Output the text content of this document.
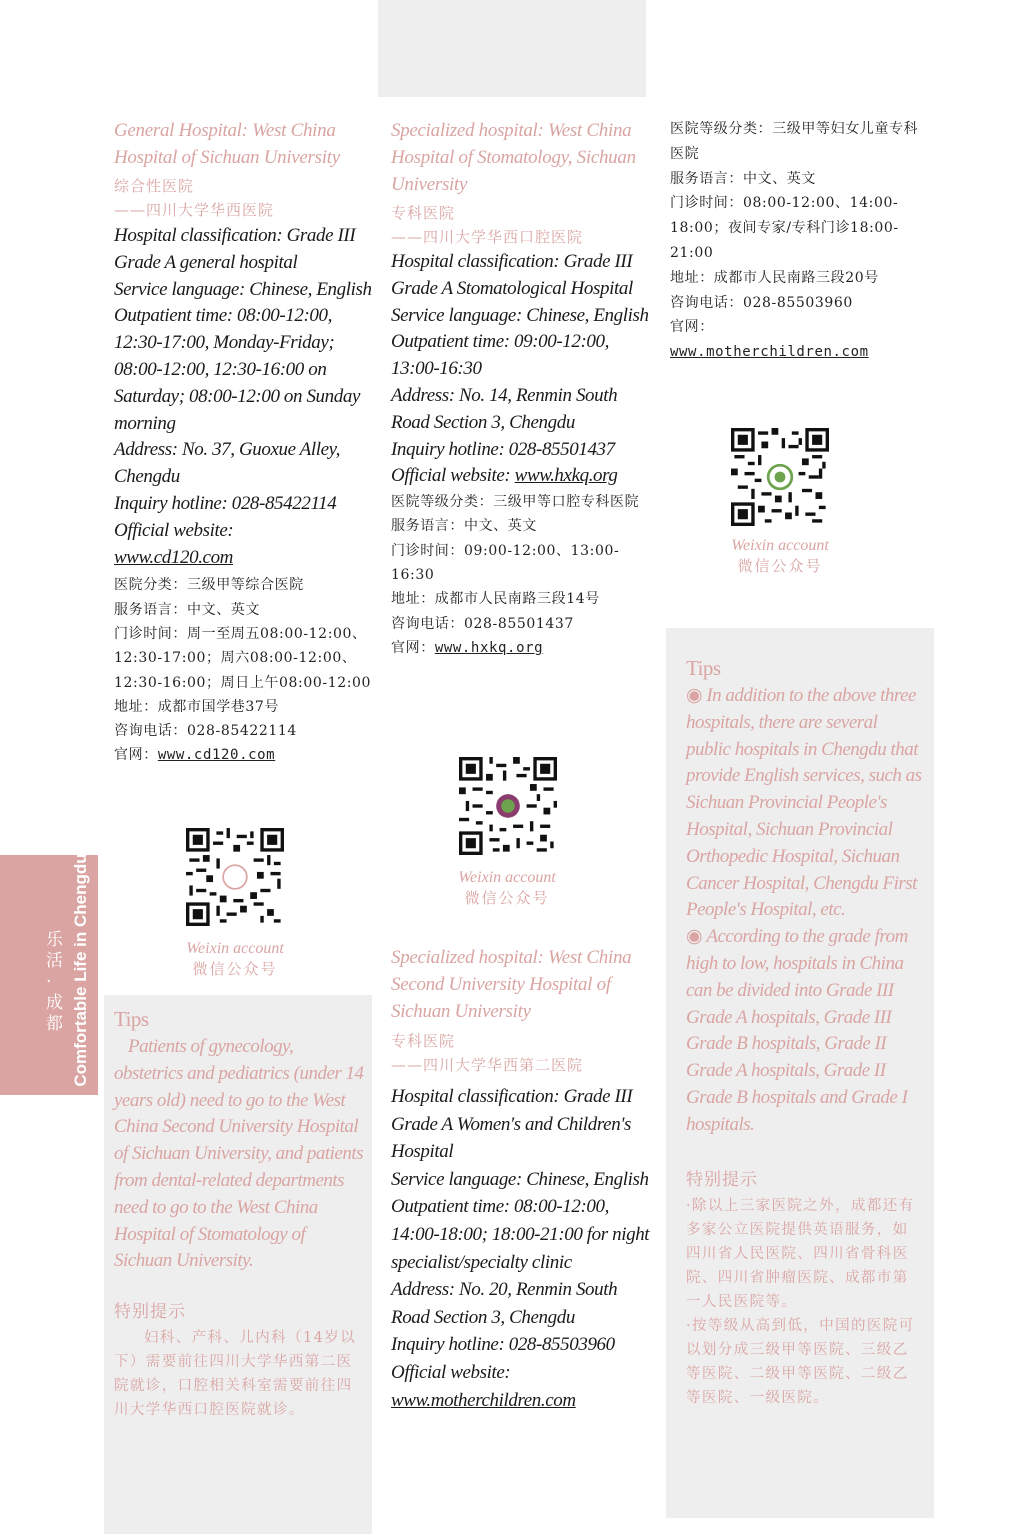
Comfortable Life in Chengdu
乐活·成都

General Hospital: West China Hospital of Sichuan University

综合性医院

——四川大学华西医院

Hospital classification: Grade III Grade A general hospital

Service language: Chinese, English

Outpatient time: 08:00-12:00, 12:30-17:00, Monday-Friday; 08:00-12:00, 12:30-16:00 on Saturday; 08:00-12:00 on Sunday morning

Address: No. 37, Guoxue Alley, Chengdu

Inquiry hotline: 028-85422114

Official website:

www.cd120.com

医院分类：三级甲等综合医院

服务语言：中文、英文

门诊时间：周一至周五08:00-12:00、12:30-17:00；周六08:00-12:00、12:30-16:00；周日上午08:00-12:00

地址：成都市国学巷37号

咨询电话：028-85422114

官网：www.cd120.com

Weixin account
微信公众号

Tips

Patients of gynecology, obstetrics and pediatrics (under 14 years old) need to go to the West China Second University Hospital of Sichuan University, and patients from dental-related departments need to go to the West China Hospital of Stomatology of Sichuan University.

特别提示

妇科、产科、儿内科（14岁以下）需要前往四川大学华西第二医院就诊，口腔相关科室需要前往四川大学华西口腔医院就诊。

Specialized hospital: West China Hospital of Stomatology, Sichuan University

专科医院

——四川大学华西口腔医院

Hospital classification: Grade III Grade A Stomatological Hospital

Service language: Chinese, English

Outpatient time: 09:00-12:00, 13:00-16:30

Address: No. 14, Renmin South Road Section 3, Chengdu

Inquiry hotline: 028-85501437

Official website: www.hxkq.org

医院等级分类：三级甲等口腔专科医院

服务语言：中文、英文

门诊时间：09:00-12:00、13:00-16:30

地址：成都市人民南路三段14号

咨询电话：028-85501437

官网：www.hxkq.org

Weixin account
微信公众号

Specialized hospital: West China Second University Hospital of Sichuan University

专科医院

——四川大学华西第二医院

Hospital classification: Grade III Grade A Women's and Children's Hospital

Service language: Chinese, English

Outpatient time: 08:00-12:00, 14:00-18:00; 18:00-21:00 for night specialist/specialty clinic

Address: No. 20, Renmin South Road Section 3, Chengdu

Inquiry hotline: 028-85503960

Official website: www.motherchildren.com

医院等级分类：三级甲等妇女儿童专科医院

服务语言：中文、英文

门诊时间：08:00-12:00、14:00-18:00；夜间专家/专科门诊18:00-21:00

地址：成都市人民南路三段20号

咨询电话：028-85503960

官网：

www.motherchildren.com

Weixin account
微信公众号

Tips

◉ In addition to the above three hospitals, there are several public hospitals in Chengdu that provide English services, such as Sichuan Provincial People's Hospital, Sichuan Provincial Orthopedic Hospital, Sichuan Cancer Hospital, Chengdu First People's Hospital, etc.

◉ According to the grade from high to low, hospitals in China can be divided into Grade III Grade A hospitals, Grade III Grade B hospitals, Grade II Grade A hospitals, Grade II Grade B hospitals and Grade I hospitals.

特别提示

·除以上三家医院之外，成都还有多家公立医院提供英语服务，如四川省人民医院、四川省骨科医院、四川省肿瘤医院、成都市第一人民医院等。

·按等级从高到低，中国的医院可以划分成三级甲等医院、三级乙等医院、二级甲等医院、二级乙等医院、一级医院。
